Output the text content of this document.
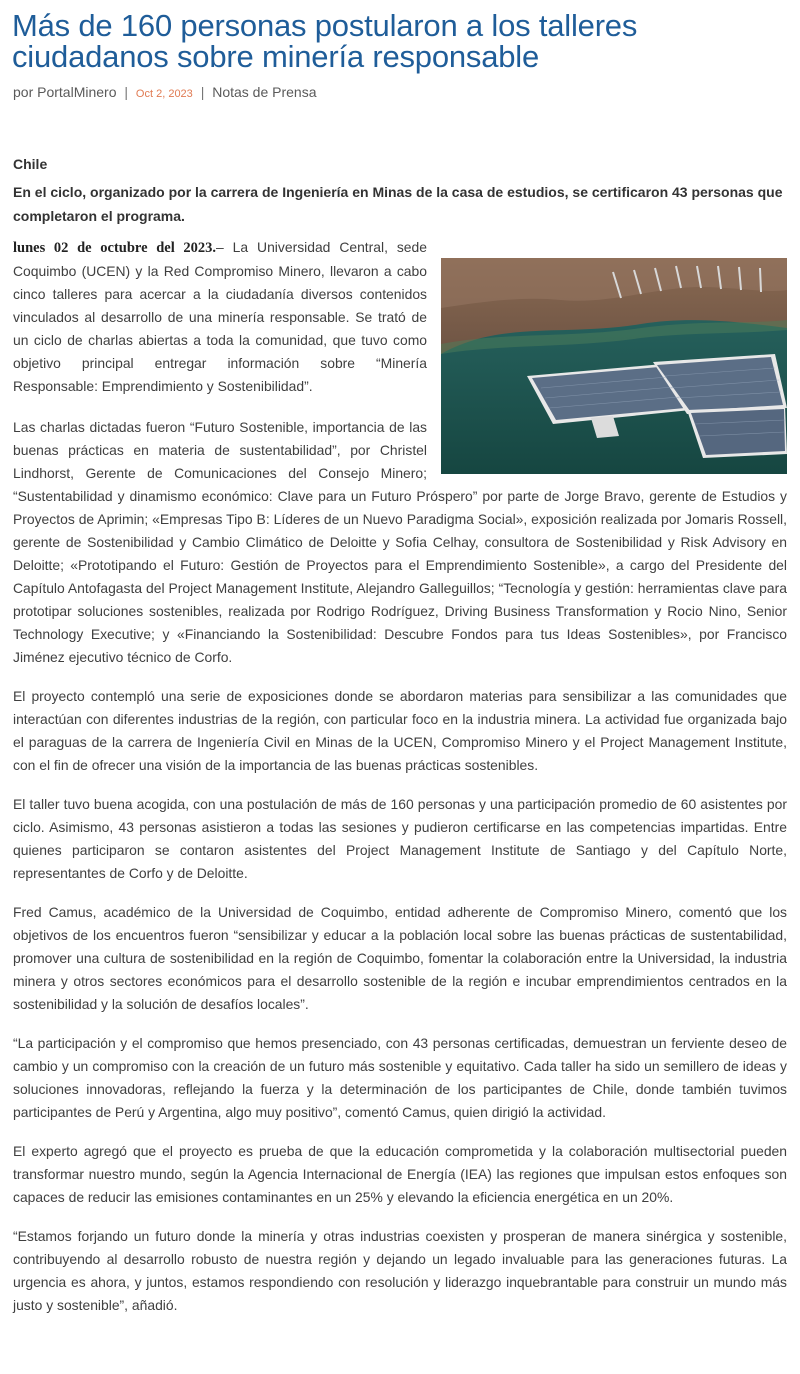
Más de 160 personas postularon a los talleres ciudadanos sobre minería responsable
por PortalMinero | Oct 2, 2023 | Notas de Prensa
Chile
En el ciclo, organizado por la carrera de Ingeniería en Minas de la casa de estudios, se certificaron 43 personas que completaron el programa.

lunes 02 de octubre del 2023.– La Universidad Central, sede Coquimbo (UCEN) y la Red Compromiso Minero, llevaron a cabo cinco talleres para acercar a la ciudadanía diversos contenidos vinculados al desarrollo de una minería responsable. Se trató de un ciclo de charlas abiertas a toda la comunidad, que tuvo como objetivo principal entregar información sobre “Minería Responsable: Emprendimiento y Sostenibilidad”.

Las charlas dictadas fueron “Futuro Sostenible, importancia de las buenas prácticas en materia de sustentabilidad”, por Christel Lindhorst, Gerente de Comunicaciones del Consejo Minero; “Sustentabilidad y dinamismo económico: Clave para un Futuro Próspero” por parte de Jorge Bravo, gerente de Estudios y Proyectos de Aprimin; «Empresas Tipo B: Líderes de un Nuevo Paradigma Social», exposición realizada por Jomaris Rossell, gerente de Sostenibilidad y Cambio Climático de Deloitte y Sofia Celhay, consultora de Sostenibilidad y Risk Advisory en Deloitte; «Prototipando el Futuro: Gestión de Proyectos para el Emprendimiento Sostenible», a cargo del Presidente del Capítulo Antofagasta del Project Management Institute, Alejandro Galleguillos; “Tecnología y gestión: herramientas clave para prototipar soluciones sostenibles, realizada por Rodrigo Rodríguez, Driving Business Transformation y Rocio Nino, Senior Technology Executive; y «Financiando la Sostenibilidad: Descubre Fondos para tus Ideas Sostenibles», por Francisco Jiménez ejecutivo técnico de Corfo.

El proyecto contempló una serie de exposiciones donde se abordaron materias para sensibilizar a las comunidades que interactúan con diferentes industrias de la región, con particular foco en la industria minera. La actividad fue organizada bajo el paraguas de la carrera de Ingeniería Civil en Minas de la UCEN, Compromiso Minero y el Project Management Institute, con el fin de ofrecer una visión de la importancia de las buenas prácticas sostenibles.

El taller tuvo buena acogida, con una postulación de más de 160 personas y una participación promedio de 60 asistentes por ciclo. Asimismo, 43 personas asistieron a todas las sesiones y pudieron certificarse en las competencias impartidas. Entre quienes participaron se contaron asistentes del Project Management Institute de Santiago y del Capítulo Norte, representantes de Corfo y de Deloitte.

Fred Camus, académico de la Universidad de Coquimbo, entidad adherente de Compromiso Minero, comentó que los objetivos de los encuentros fueron “sensibilizar y educar a la población local sobre las buenas prácticas de sustentabilidad, promover una cultura de sostenibilidad en la región de Coquimbo, fomentar la colaboración entre la Universidad, la industria minera y otros sectores económicos para el desarrollo sostenible de la región e incubar emprendimientos centrados en la sostenibilidad y la solución de desafíos locales”.

“La participación y el compromiso que hemos presenciado, con 43 personas certificadas, demuestran un ferviente deseo de cambio y un compromiso con la creación de un futuro más sostenible y equitativo. Cada taller ha sido un semillero de ideas y soluciones innovadoras, reflejando la fuerza y la determinación de los participantes de Chile, donde también tuvimos participantes de Perú y Argentina, algo muy positivo”, comentó Camus, quien dirigió la actividad.

El experto agregó que el proyecto es prueba de que la educación comprometida y la colaboración multisectorial pueden transformar nuestro mundo, según la Agencia Internacional de Energía (IEA) las regiones que impulsan estos enfoques son capaces de reducir las emisiones contaminantes en un 25% y elevando la eficiencia energética en un 20%.

“Estamos forjando un futuro donde la minería y otras industrias coexisten y prosperan de manera sinérgica y sostenible, contribuyendo al desarrollo robusto de nuestra región y dejando un legado invaluable para las generaciones futuras. La urgencia es ahora, y juntos, estamos respondiendo con resolución y liderazgo inquebrantable para construir un mundo más justo y sostenible”, añadió.
